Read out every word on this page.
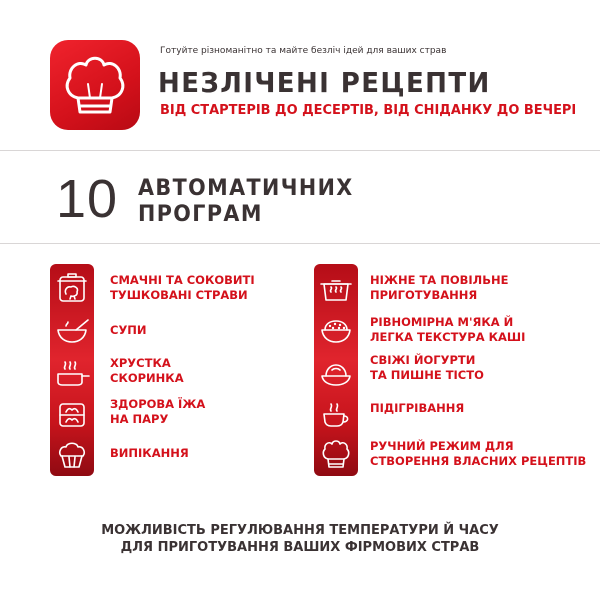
Готуйте різноманітно та майте безліч ідей для ваших страв
НЕЗЛІЧЕНІ РЕЦЕПТИ
ВІД СТАРТЕРІВ ДО ДЕСЕРТІВ, ВІД СНІДАНКУ ДО ВЕЧЕРІ
10 АВТОМАТИЧНИХ
ПРОГРАМ
СМАЧНІ ТА СОКОВИТІ
ТУШКОВАНІ СТРАВИ
СУПИ
ХРУСТКА
СКОРИНКА
ЗДОРОВА ЇЖА
НА ПАРУ
ВИПІКАННЯ
НІЖНЕ ТА ПОВІЛЬНЕ
ПРИГОТУВАННЯ
РІВНОМІРНА М'ЯКА Й
ЛЕГКА ТЕКСТУРА КАШІ
СВІЖІ ЙОГУРТИ
ТА ПИШНЕ ТІСТО
ПІДІГРІВАННЯ
РУЧНИЙ РЕЖИМ ДЛЯ
СТВОРЕННЯ ВЛАСНИХ РЕЦЕПТІВ
МОЖЛИВІСТЬ РЕГУЛЮВАННЯ ТЕМПЕРАТУРИ Й ЧАСУ
ДЛЯ ПРИГОТУВАННЯ ВАШИХ ФІРМОВИХ СТРАВ
